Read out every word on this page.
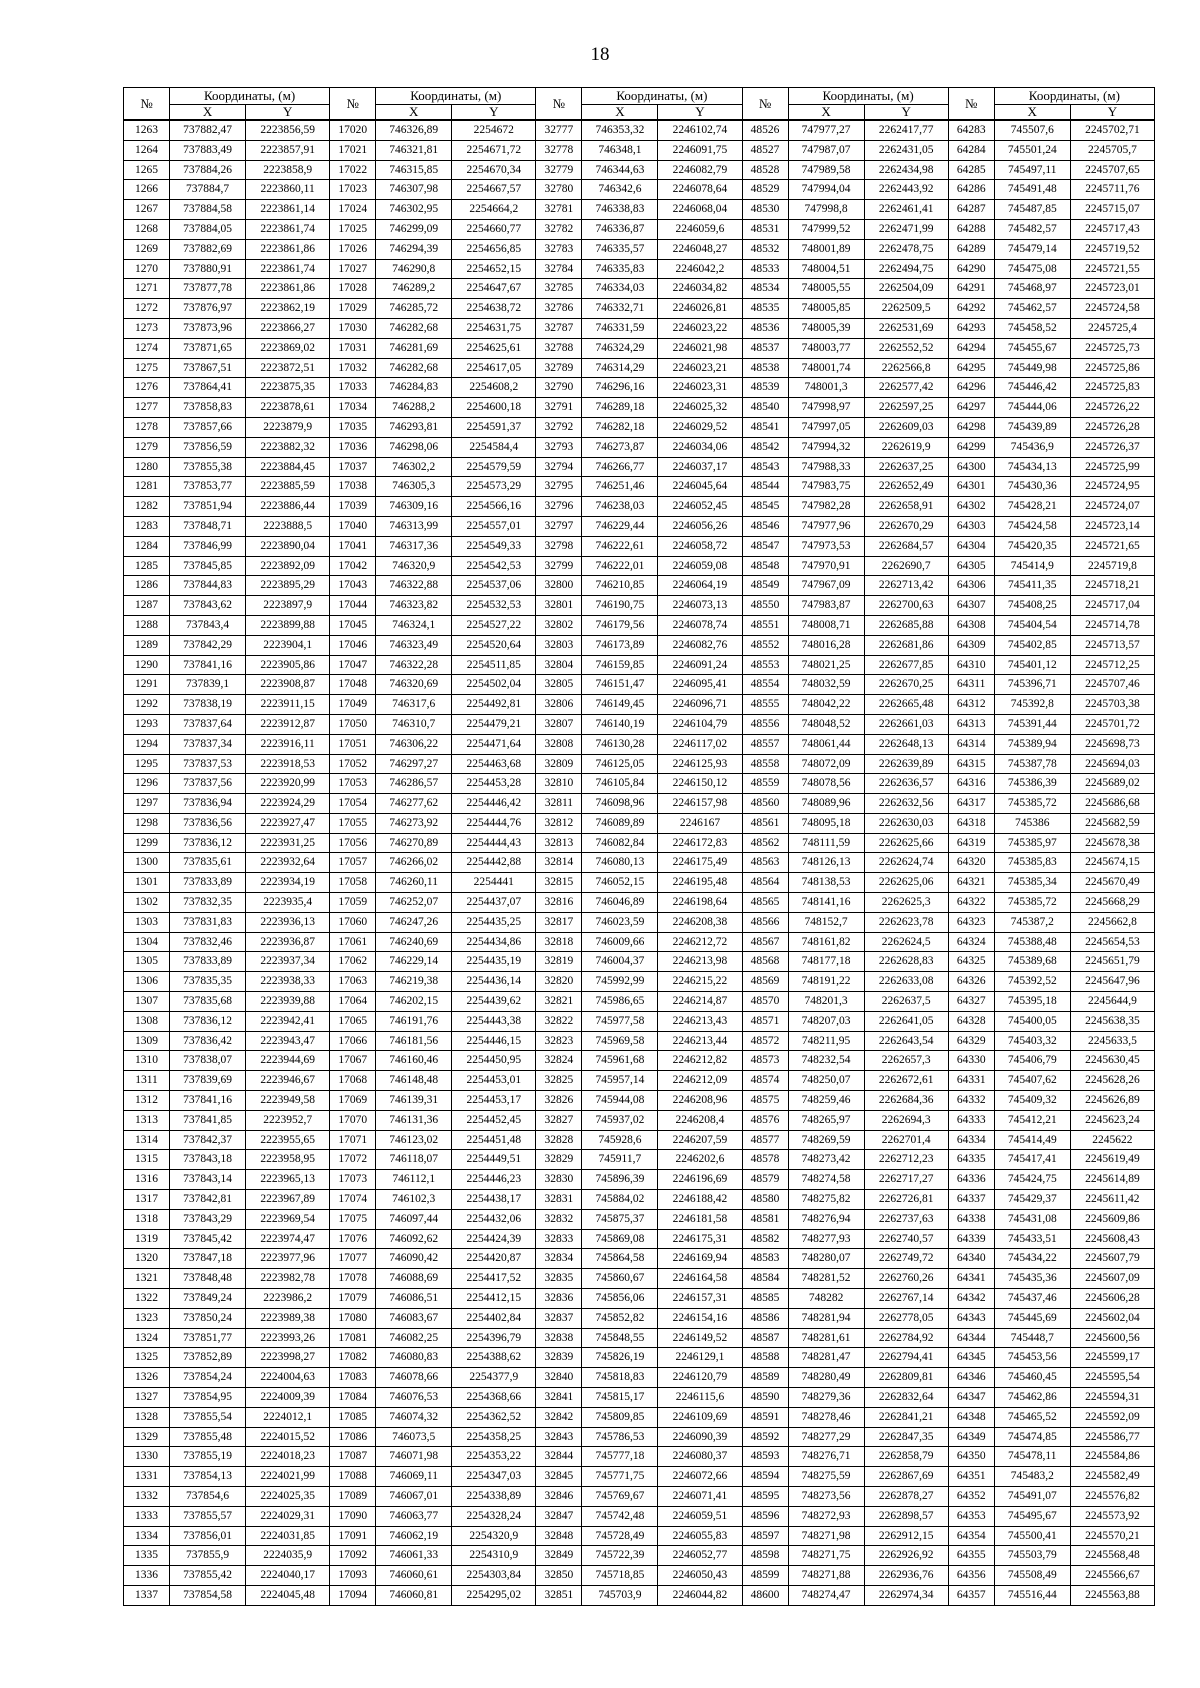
18
№	Координаты, (м)		№	Координаты, (м)		№	Координаты, (м)		№	Координаты, (м)		№	Координаты, (м)	
	X	Y		X	Y		X	Y		X	Y		X	Y
1263	737882,47	2223856,59	17020	746326,89	2254672	32777	746353,32	2246102,74	48526	747977,27	2262417,77	64283	745507,6	2245702,71
1264	737883,49	2223857,91	17021	746321,81	2254671,72	32778	746348,1	2246091,75	48527	747987,07	2262431,05	64284	745501,24	2245705,7
1265	737884,26	2223858,9	17022	746315,85	2254670,34	32779	746344,63	2246082,79	48528	747989,58	2262434,98	64285	745497,11	2245707,65
1266	737884,7	2223860,11	17023	746307,98	2254667,57	32780	746342,6	2246078,64	48529	747994,04	2262443,92	64286	745491,48	2245711,76
1267	737884,58	2223861,14	17024	746302,95	2254664,2	32781	746338,83	2246068,04	48530	747998,8	2262461,41	64287	745487,85	2245715,07
1268	737884,05	2223861,74	17025	746299,09	2254660,77	32782	746336,87	2246059,6	48531	747999,52	2262471,99	64288	745482,57	2245717,43
1269	737882,69	2223861,86	17026	746294,39	2254656,85	32783	746335,57	2246048,27	48532	748001,89	2262478,75	64289	745479,14	2245719,52
1270	737880,91	2223861,74	17027	746290,8	2254652,15	32784	746335,83	2246042,2	48533	748004,51	2262494,75	64290	745475,08	2245721,55
1271	737877,78	2223861,86	17028	746289,2	2254647,67	32785	746334,03	2246034,82	48534	748005,55	2262504,09	64291	745468,97	2245723,01
1272	737876,97	2223862,19	17029	746285,72	2254638,72	32786	746332,71	2246026,81	48535	748005,85	2262509,5	64292	745462,57	2245724,58
1273	737873,96	2223866,27	17030	746282,68	2254631,75	32787	746331,59	2246023,22	48536	748005,39	2262531,69	64293	745458,52	2245725,4
1274	737871,65	2223869,02	17031	746281,69	2254625,61	32788	746324,29	2246021,98	48537	748003,77	2262552,52	64294	745455,67	2245725,73
1275	737867,51	2223872,51	17032	746282,68	2254617,05	32789	746314,29	2246023,21	48538	748001,74	2262566,8	64295	745449,98	2245725,86
1276	737864,41	2223875,35	17033	746284,83	2254608,2	32790	746296,16	2246023,31	48539	748001,3	2262577,42	64296	745446,42	2245725,83
1277	737858,83	2223878,61	17034	746288,2	2254600,18	32791	746289,18	2246025,32	48540	747998,97	2262597,25	64297	745444,06	2245726,22
1278	737857,66	2223879,9	17035	746293,81	2254591,37	32792	746282,18	2246029,52	48541	747997,05	2262609,03	64298	745439,89	2245726,28
1279	737856,59	2223882,32	17036	746298,06	2254584,4	32793	746273,87	2246034,06	48542	747994,32	2262619,9	64299	745436,9	2245726,37
1280	737855,38	2223884,45	17037	746302,2	2254579,59	32794	746266,77	2246037,17	48543	747988,33	2262637,25	64300	745434,13	2245725,99
1281	737853,77	2223885,59	17038	746305,3	2254573,29	32795	746251,46	2246045,64	48544	747983,75	2262652,49	64301	745430,36	2245724,95
1282	737851,94	2223886,44	17039	746309,16	2254566,16	32796	746238,03	2246052,45	48545	747982,28	2262658,91	64302	745428,21	2245724,07
1283	737848,71	2223888,5	17040	746313,99	2254557,01	32797	746229,44	2246056,26	48546	747977,96	2262670,29	64303	745424,58	2245723,14
1284	737846,99	2223890,04	17041	746317,36	2254549,33	32798	746222,61	2246058,72	48547	747973,53	2262684,57	64304	745420,35	2245721,65
1285	737845,85	2223892,09	17042	746320,9	2254542,53	32799	746222,01	2246059,08	48548	747970,91	2262690,7	64305	745414,9	2245719,8
1286	737844,83	2223895,29	17043	746322,88	2254537,06	32800	746210,85	2246064,19	48549	747967,09	2262713,42	64306	745411,35	2245718,21
1287	737843,62	2223897,9	17044	746323,82	2254532,53	32801	746190,75	2246073,13	48550	747983,87	2262700,63	64307	745408,25	2245717,04
1288	737843,4	2223899,88	17045	746324,1	2254527,22	32802	746179,56	2246078,74	48551	748008,71	2262685,88	64308	745404,54	2245714,78
1289	737842,29	2223904,1	17046	746323,49	2254520,64	32803	746173,89	2246082,76	48552	748016,28	2262681,86	64309	745402,85	2245713,57
1290	737841,16	2223905,86	17047	746322,28	2254511,85	32804	746159,85	2246091,24	48553	748021,25	2262677,85	64310	745401,12	2245712,25
1291	737839,1	2223908,87	17048	746320,69	2254502,04	32805	746151,47	2246095,41	48554	748032,59	2262670,25	64311	745396,71	2245707,46
1292	737838,19	2223911,15	17049	746317,6	2254492,81	32806	746149,45	2246096,71	48555	748042,22	2262665,48	64312	745392,8	2245703,38
1293	737837,64	2223912,87	17050	746310,7	2254479,21	32807	746140,19	2246104,79	48556	748048,52	2262661,03	64313	745391,44	2245701,72
1294	737837,34	2223916,11	17051	746306,22	2254471,64	32808	746130,28	2246117,02	48557	748061,44	2262648,13	64314	745389,94	2245698,73
1295	737837,53	2223918,53	17052	746297,27	2254463,68	32809	746125,05	2246125,93	48558	748072,09	2262639,89	64315	745387,78	2245694,03
1296	737837,56	2223920,99	17053	746286,57	2254453,28	32810	746105,84	2246150,12	48559	748078,56	2262636,57	64316	745386,39	2245689,02
1297	737836,94	2223924,29	17054	746277,62	2254446,42	32811	746098,96	2246157,98	48560	748089,96	2262632,56	64317	745385,72	2245686,68
1298	737836,56	2223927,47	17055	746273,92	2254444,76	32812	746089,89	2246167	48561	748095,18	2262630,03	64318	745386	2245682,59
1299	737836,12	2223931,25	17056	746270,89	2254444,43	32813	746082,84	2246172,83	48562	748111,59	2262625,66	64319	745385,97	2245678,38
1300	737835,61	2223932,64	17057	746266,02	2254442,88	32814	746080,13	2246175,49	48563	748126,13	2262624,74	64320	745385,83	2245674,15
1301	737833,89	2223934,19	17058	746260,11	2254441	32815	746052,15	2246195,48	48564	748138,53	2262625,06	64321	745385,34	2245670,49
1302	737832,35	2223935,4	17059	746252,07	2254437,07	32816	746046,89	2246198,64	48565	748141,16	2262625,3	64322	745385,72	2245668,29
1303	737831,83	2223936,13	17060	746247,26	2254435,25	32817	746023,59	2246208,38	48566	748152,7	2262623,78	64323	745387,2	2245662,8
1304	737832,46	2223936,87	17061	746240,69	2254434,86	32818	746009,66	2246212,72	48567	748161,82	2262624,5	64324	745388,48	2245654,53
1305	737833,89	2223937,34	17062	746229,14	2254435,19	32819	746004,37	2246213,98	48568	748177,18	2262628,83	64325	745389,68	2245651,79
1306	737835,35	2223938,33	17063	746219,38	2254436,14	32820	745992,99	2246215,22	48569	748191,22	2262633,08	64326	745392,52	2245647,96
1307	737835,68	2223939,88	17064	746202,15	2254439,62	32821	745986,65	2246214,87	48570	748201,3	2262637,5	64327	745395,18	2245644,9
1308	737836,12	2223942,41	17065	746191,76	2254443,38	32822	745977,58	2246213,43	48571	748207,03	2262641,05	64328	745400,05	2245638,35
1309	737836,42	2223943,47	17066	746181,56	2254446,15	32823	745969,58	2246213,44	48572	748211,95	2262643,54	64329	745403,32	2245633,5
1310	737838,07	2223944,69	17067	746160,46	2254450,95	32824	745961,68	2246212,82	48573	748232,54	2262657,3	64330	745406,79	2245630,45
1311	737839,69	2223946,67	17068	746148,48	2254453,01	32825	745957,14	2246212,09	48574	748250,07	2262672,61	64331	745407,62	2245628,26
1312	737841,16	2223949,58	17069	746139,31	2254453,17	32826	745944,08	2246208,96	48575	748259,46	2262684,36	64332	745409,32	2245626,89
1313	737841,85	2223952,7	17070	746131,36	2254452,45	32827	745937,02	2246208,4	48576	748265,97	2262694,3	64333	745412,21	2245623,24
1314	737842,37	2223955,65	17071	746123,02	2254451,48	32828	745928,6	2246207,59	48577	748269,59	2262701,4	64334	745414,49	2245622
1315	737843,18	2223958,95	17072	746118,07	2254449,51	32829	745911,7	2246202,6	48578	748273,42	2262712,23	64335	745417,41	2245619,49
1316	737843,14	2223965,13	17073	746112,1	2254446,23	32830	745896,39	2246196,69	48579	748274,58	2262717,27	64336	745424,75	2245614,89
1317	737842,81	2223967,89	17074	746102,3	2254438,17	32831	745884,02	2246188,42	48580	748275,82	2262726,81	64337	745429,37	2245611,42
1318	737843,29	2223969,54	17075	746097,44	2254432,06	32832	745875,37	2246181,58	48581	748276,94	2262737,63	64338	745431,08	2245609,86
1319	737845,42	2223974,47	17076	746092,62	2254424,39	32833	745869,08	2246175,31	48582	748277,93	2262740,57	64339	745433,51	2245608,43
1320	737847,18	2223977,96	17077	746090,42	2254420,87	32834	745864,58	2246169,94	48583	748280,07	2262749,72	64340	745434,22	2245607,79
1321	737848,48	2223982,78	17078	746088,69	2254417,52	32835	745860,67	2246164,58	48584	748281,52	2262760,26	64341	745435,36	2245607,09
1322	737849,24	2223986,2	17079	746086,51	2254412,15	32836	745856,06	2246157,31	48585	748282	2262767,14	64342	745437,46	2245606,28
1323	737850,24	2223989,38	17080	746083,67	2254402,84	32837	745852,82	2246154,16	48586	748281,94	2262778,05	64343	745445,69	2245602,04
1324	737851,77	2223993,26	17081	746082,25	2254396,79	32838	745848,55	2246149,52	48587	748281,61	2262784,92	64344	745448,7	2245600,56
1325	737852,89	2223998,27	17082	746080,83	2254388,62	32839	745826,19	2246129,1	48588	748281,47	2262794,41	64345	745453,56	2245599,17
1326	737854,24	2224004,63	17083	746078,66	2254377,9	32840	745818,83	2246120,79	48589	748280,49	2262809,81	64346	745460,45	2245595,54
1327	737854,95	2224009,39	17084	746076,53	2254368,66	32841	745815,17	2246115,6	48590	748279,36	2262832,64	64347	745462,86	2245594,31
1328	737855,54	2224012,1	17085	746074,32	2254362,52	32842	745809,85	2246109,69	48591	748278,46	2262841,21	64348	745465,52	2245592,09
1329	737855,48	2224015,52	17086	746073,5	2254358,25	32843	745786,53	2246090,39	48592	748277,29	2262847,35	64349	745474,85	2245586,77
1330	737855,19	2224018,23	17087	746071,98	2254353,22	32844	745777,18	2246080,37	48593	748276,71	2262858,79	64350	745478,11	2245584,86
1331	737854,13	2224021,99	17088	746069,11	2254347,03	32845	745771,75	2246072,66	48594	748275,59	2262867,69	64351	745483,2	2245582,49
1332	737854,6	2224025,35	17089	746067,01	2254338,89	32846	745769,67	2246071,41	48595	748273,56	2262878,27	64352	745491,07	2245576,82
1333	737855,57	2224029,31	17090	746063,77	2254328,24	32847	745742,48	2246059,51	48596	748272,93	2262898,57	64353	745495,67	2245573,92
1334	737856,01	2224031,85	17091	746062,19	2254320,9	32848	745728,49	2246055,83	48597	748271,98	2262912,15	64354	745500,41	2245570,21
1335	737855,9	2224035,9	17092	746061,33	2254310,9	32849	745722,39	2246052,77	48598	748271,75	2262926,92	64355	745503,79	2245568,48
1336	737855,42	2224040,17	17093	746060,61	2254303,84	32850	745718,85	2246050,43	48599	748271,88	2262936,76	64356	745508,49	2245566,67
1337	737854,58	2224045,48	17094	746060,81	2254295,02	32851	745703,9	2246044,82	48600	748274,47	2262974,34	64357	745516,44	2245563,88
